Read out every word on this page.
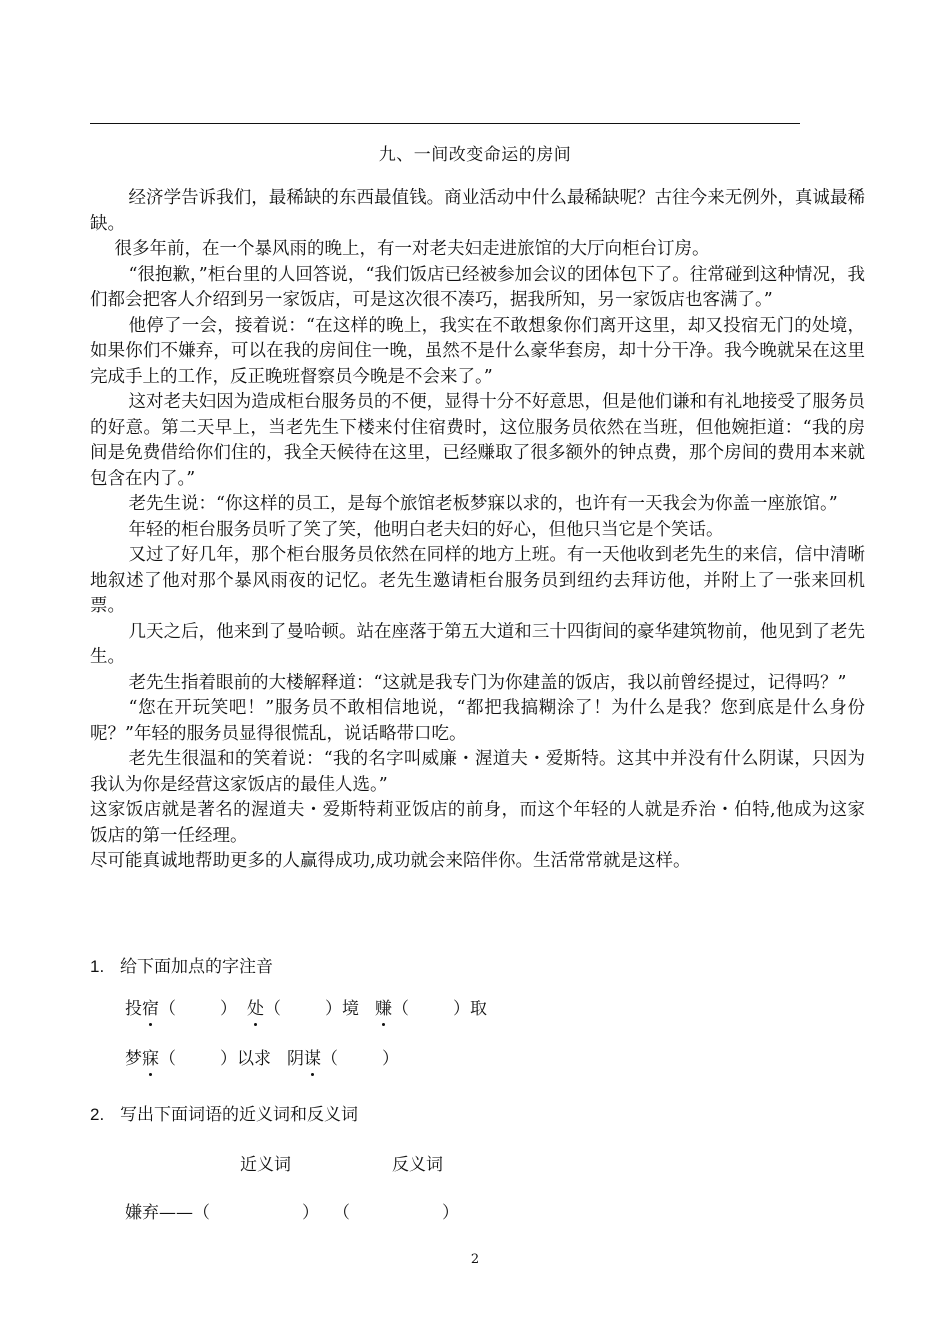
九、一间改变命运的房间

经济学告诉我们，最稀缺的东西最值钱。商业活动中什么最稀缺呢？古往今来无例外，真诚最稀缺。

很多年前，在一个暴风雨的晚上，有一对老夫妇走进旅馆的大厅向柜台订房。

“很抱歉，”柜台里的人回答说，“我们饭店已经被参加会议的团体包下了。往常碰到这种情况，我们都会把客人介绍到另一家饭店，可是这次很不凑巧，据我所知，另一家饭店也客满了。”

他停了一会，接着说：“在这样的晚上，我实在不敢想象你们离开这里，却又投宿无门的处境，如果你们不嫌弃，可以在我的房间住一晚，虽然不是什么豪华套房，却十分干净。我今晚就呆在这里完成手上的工作，反正晚班督察员今晚是不会来了。”

这对老夫妇因为造成柜台服务员的不便，显得十分不好意思，但是他们谦和有礼地接受了服务员的好意。第二天早上，当老先生下楼来付住宿费时，这位服务员依然在当班，但他婉拒道：“我的房间是免费借给你们住的，我全天候待在这里，已经赚取了很多额外的钟点费，那个房间的费用本来就包含在内了。”

老先生说：“你这样的员工，是每个旅馆老板梦寐以求的，也许有一天我会为你盖一座旅馆。”

年轻的柜台服务员听了笑了笑，他明白老夫妇的好心，但他只当它是个笑话。

又过了好几年，那个柜台服务员依然在同样的地方上班。有一天他收到老先生的来信，信中清晰地叙述了他对那个暴风雨夜的记忆。老先生邀请柜台服务员到纽约去拜访他，并附上了一张来回机票。

几天之后，他来到了曼哈顿。站在座落于第五大道和三十四街间的豪华建筑物前，他见到了老先生。

老先生指着眼前的大楼解释道：“这就是我专门为你建盖的饭店，我以前曾经提过，记得吗？”

“您在开玩笑吧！”服务员不敢相信地说，“都把我搞糊涂了！为什么是我？您到底是什么身份呢？”年轻的服务员显得很慌乱，说话略带口吃。

老先生很温和的笑着说：“我的名字叫威廉・渥道夫・爱斯特。这其中并没有什么阴谋，只因为我认为你是经营这家饭店的最佳人选。”

这家饭店就是著名的渥道夫・爱斯特莉亚饭店的前身，而这个年轻的人就是乔治・伯特,他成为这家饭店的第一任经理。

尽可能真诚地帮助更多的人赢得成功,成功就会来陪伴你。生活常常就是这样。

1. 给下面加点的字注音
投宿（	） 处（	）境 赚（	）取
梦寐（	）以求 阴谋（	）
2. 写出下面词语的近义词和反义词
近义词	反义词
嫌弃——（	） （	）
2
